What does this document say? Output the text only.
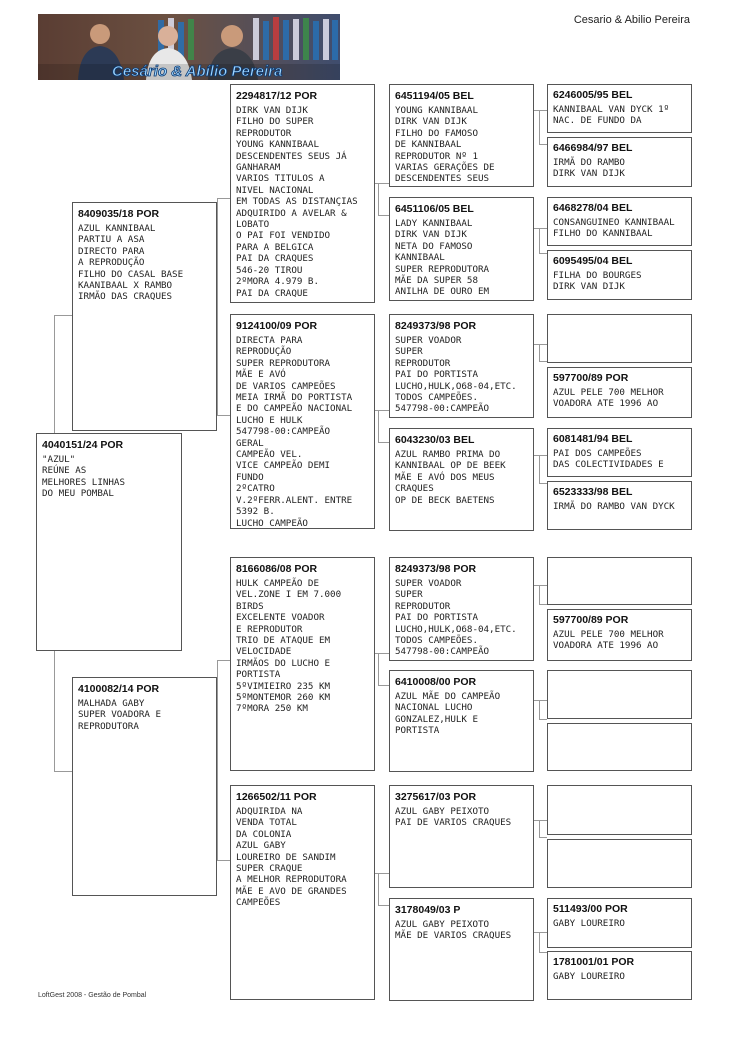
Cesario & Abilio Pereira
Cesário & Abílio Pereira
4040151/24 POR
"AZUL"
REÚNE AS
MELHORES LINHAS
DO MEU POMBAL
8409035/18 POR
AZUL KANNIBAAL
PARTIU A ASA
DIRECTO PARA
A REPRODUÇÃO
FILHO DO CASAL BASE
KAANIBAAL X RAMBO
IRMÃO DAS CRAQUES
4100082/14 POR
MALHADA GABY
SUPER VOADORA E
REPRODUTORA
2294817/12 POR
DIRK VAN DIJK
FILHO DO SUPER
REPRODUTOR
YOUNG KANNIBAAL
DESCENDENTES SEUS JÁ
GANHARAM
VARIOS TITULOS A
NIVEL NACIONAL
EM TODAS AS DISTANÇIAS
ADQUIRIDO A AVELAR &
LOBATO
O PAI FOI VENDIDO
PARA A BELGICA
PAI DA CRAQUES
546-20 TIROU
2ºMORA 4.979 B.
PAI DA CRAQUE
9124100/09 POR
DIRECTA PARA
REPRODUÇÃO
SUPER REPRODUTORA
MÃE E AVÓ
DE VARIOS CAMPEÕES
MEIA IRMÃ DO PORTISTA
E DO CAMPEÃO NACIONAL
LUCHO E HULK
547798-00:CAMPEÃO
GERAL
CAMPEÃO VEL.
VICE CAMPEÃO DEMI
FUNDO
2ºCATRO
V.2ºFERR.ALENT. ENTRE
5392 B.
LUCHO CAMPEÃO
8166086/08 POR
HULK CAMPEÃO DE
VEL.ZONE I EM 7.000
BIRDS
EXCELENTE VOADOR
E REPRODUTOR
TRIO DE ATAQUE EM
VELOCIDADE
IRMÃOS DO LUCHO E
PORTISTA
5ºVIMIEIRO 235 KM
5ºMONTEMOR 260 KM
7ºMORA 250 KM
1266502/11 POR
ADQUIRIDA NA
VENDA TOTAL
DA COLONIA
AZUL GABY
LOUREIRO DE SANDIM
SUPER CRAQUE
A MELHOR REPRODUTORA
MÃE E AVO DE GRANDES
CAMPEÕES
6451194/05 BEL
YOUNG KANNIBAAL
DIRK VAN DIJK
FILHO DO FAMOSO
DE KANNIBAAL
REPRODUTOR Nº 1
VARIAS GERAÇÕES DE
DESCENDENTES SEUS
6451106/05 BEL
LADY KANNIBAAL
DIRK VAN DIJK
NETA DO FAMOSO
KANNIBAAL
SUPER REPRODUTORA
MÃE DA SUPER 58
ANILHA DE OURO EM
8249373/98 POR
SUPER VOADOR
SUPER
REPRODUTOR
PAI DO PORTISTA
LUCHO,HULK,O68-04,ETC.
TODOS CAMPEÕES.
547798-00:CAMPEÃO
6043230/03 BEL
AZUL RAMBO PRIMA DO
KANNIBAAL OP DE BEEK
MÃE E AVÓ DOS MEUS
CRAQUES
OP DE BECK BAETENS
8249373/98 POR
SUPER VOADOR
SUPER
REPRODUTOR
PAI DO PORTISTA
LUCHO,HULK,O68-04,ETC.
TODOS CAMPEÕES.
547798-00:CAMPEÃO
6410008/00 POR
AZUL MÃE DO CAMPEÃO
NACIONAL LUCHO
GONZALEZ,HULK E
PORTISTA
3275617/03 POR
AZUL GABY PEIXOTO
PAI DE VARIOS CRAQUES
3178049/03 P
AZUL GABY PEIXOTO
MÃE DE VARIOS CRAQUES
6246005/95 BEL
KANNIBAAL VAN DYCK 1º
NAC. DE FUNDO DA
6466984/97 BEL
IRMÃ DO RAMBO
DIRK VAN DIJK
6468278/04 BEL
CONSANGUINEO KANNIBAAL
FILHO DO KANNIBAAL
6095495/04 BEL
FILHA DO BOURGES
DIRK VAN DIJK
597700/89 POR
AZUL PELE 700 MELHOR
VOADORA ATE 1996 AO
6081481/94 BEL
PAI DOS CAMPEÕES
DAS COLECTIVIDADES E
6523333/98 BEL
IRMÃ DO RAMBO VAN DYCK
597700/89 POR
AZUL PELE 700 MELHOR
VOADORA ATE 1996 AO
511493/00 POR
GABY LOUREIRO
1781001/01 POR
GABY LOUREIRO
LoftGest 2008 - Gestão de Pombal
